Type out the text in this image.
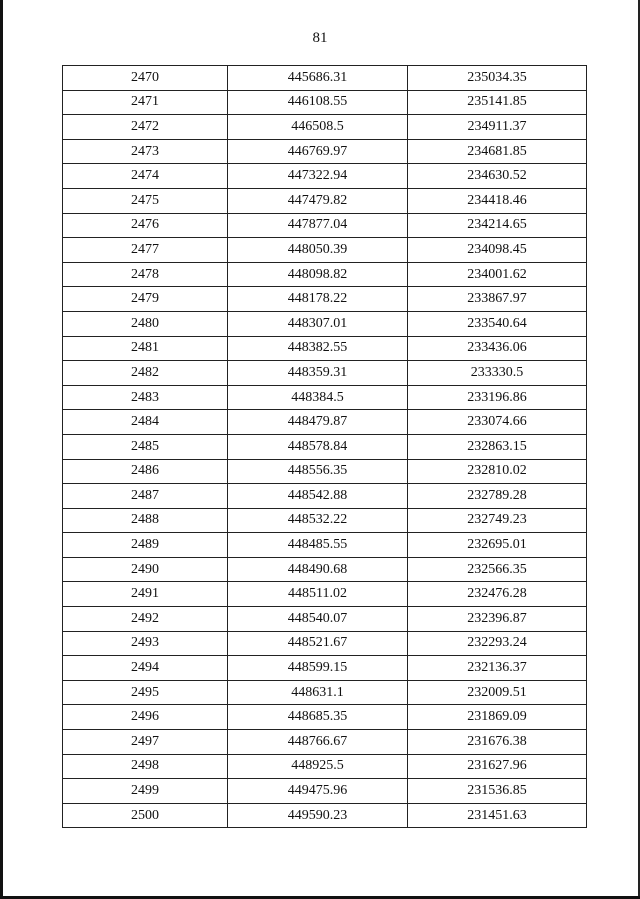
81
2470	445686.31	235034.35
2471	446108.55	235141.85
2472	446508.5	234911.37
2473	446769.97	234681.85
2474	447322.94	234630.52
2475	447479.82	234418.46
2476	447877.04	234214.65
2477	448050.39	234098.45
2478	448098.82	234001.62
2479	448178.22	233867.97
2480	448307.01	233540.64
2481	448382.55	233436.06
2482	448359.31	233330.5
2483	448384.5	233196.86
2484	448479.87	233074.66
2485	448578.84	232863.15
2486	448556.35	232810.02
2487	448542.88	232789.28
2488	448532.22	232749.23
2489	448485.55	232695.01
2490	448490.68	232566.35
2491	448511.02	232476.28
2492	448540.07	232396.87
2493	448521.67	232293.24
2494	448599.15	232136.37
2495	448631.1	232009.51
2496	448685.35	231869.09
2497	448766.67	231676.38
2498	448925.5	231627.96
2499	449475.96	231536.85
2500	449590.23	231451.63
